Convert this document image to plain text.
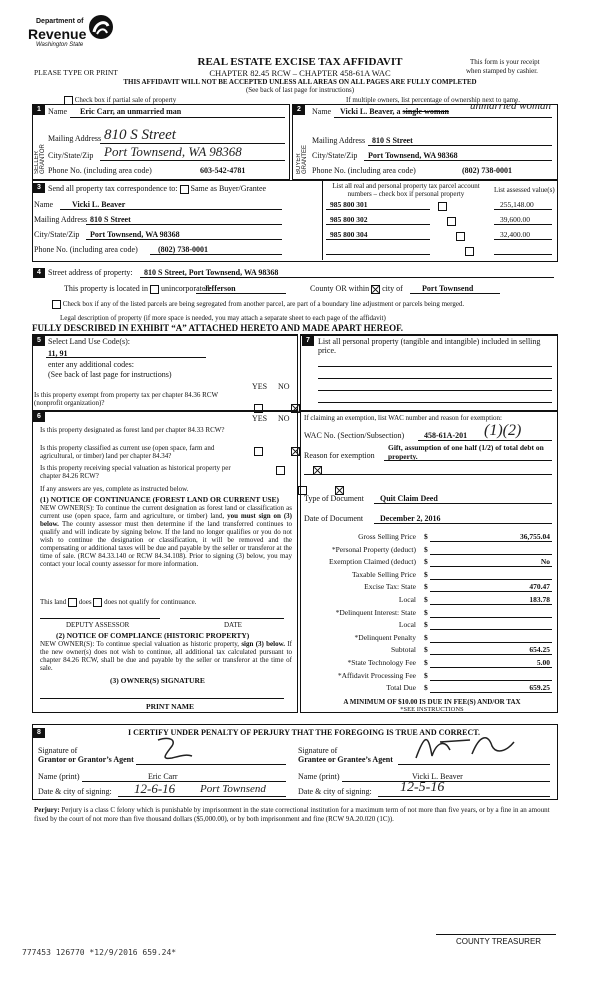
Department of
Revenue
Washington State
REAL ESTATE EXCISE TAX AFFIDAVIT
CHAPTER 82.45 RCW – CHAPTER 458-61A WAC
PLEASE TYPE OR PRINT
This form is your receipt
when stamped by cashier.
THIS AFFIDAVIT WILL NOT BE ACCEPTED UNLESS ALL AREAS ON ALL PAGES ARE FULLY COMPLETED
(See back of last page for instructions)
Check box if partial sale of property	If multiple owners, list percentage of ownership next to name.
1
SELLER GRANTOR
Name Eric Carr, an unmarried man
Mailing Address 810 S Street
City/State/Zip Port Townsend, WA 98368
Phone No. (including area code)	603-542-4781
2
BUYER GRANTEE
Name Vicki L. Beaver, a single woman unmarried woman
Mailing Address 810 S Street
City/State/Zip Port Townsend, WA 98368
Phone No. (including area code)	(802) 738-0001
3 Send all property tax correspondence to: Same as Buyer/Grantee
Name Vicki L. Beaver
Mailing Address 810 S Street
City/State/Zip Port Townsend, WA 98368
Phone No. (including area code)	(802) 738-0001
List all real and personal property tax parcel account numbers – check box if personal property	List assessed value(s)
985 800 301	255,148.00
985 800 302	39,600.00
985 800 304	32,400.00
4 Street address of property: 810 S Street, Port Townsend, WA 98368
This property is located in unincorporated
Jefferson	County OR within city of Port Townsend
Check box if any of the listed parcels are being segregated from another parcel, are part of a boundary line adjustment or parcels being merged.
Legal description of property (if more space is needed, you may attach a separate sheet to each page of the affidavit)
FULLY DESCRIBED IN EXHIBIT “A” ATTACHED HERETO AND MADE APART HEREOF.
5 Select Land Use Code(s):
11, 91
enter any additional codes:
(See back of last page for instructions)
YES NO
Is this property exempt from property tax per chapter 84.36 RCW (nonprofit organization)?

7	List all personal property (tangible and intangible) included in selling price.
6	YES NO
Is this property designated as forest land per chapter 84.33 RCW?

Is this property classified as current use (open space, farm and agricultural, or timber) land per chapter 84.34?

Is this property receiving special valuation as historical property per chapter 84.26 RCW?

If any answers are yes, complete as instructed below.
(1) NOTICE OF CONTINUANCE (FOREST LAND OR CURRENT USE)
NEW OWNER(S): To continue the current designation as forest land or classification as current use (open space, farm and agriculture, or timber) land, you must sign on (3) below. The county assessor must then determine if the land transferred continues to qualify and will indicate by signing below. If the land no longer qualifies or you do not wish to continue the designation or classification, it will be removed and the compensating or additional taxes will be due and payable by the seller or transferor at the time of sale. (RCW 84.33.140 or RCW 84.34.108). Prior to signing (3) below, you may contact your local county assessor for more information.
This land does does not qualify for continuance.
DEPUTY ASSESSOR	DATE
(2) NOTICE OF COMPLIANCE (HISTORIC PROPERTY)
NEW OWNER(S): To continue special valuation as historic property, sign (3) below. If the new owner(s) does not wish to continue, all additional tax calculated pursuant to chapter 84.26 RCW, shall be due and payable by the seller or transferor at the time of sale.
(3) OWNER(S) SIGNATURE
PRINT NAME
If claiming an exemption, list WAC number and reason for exemption:
WAC No. (Section/Subsection) 458-61A-201 (1)(2)
Reason for exemption
Gift, assumption of one half (1/2) of total debt on property.
Type of Document Quit Claim Deed
Date of Document December 2, 2016
Gross Selling Price $	36,755.04
*Personal Property (deduct) $
Exemption Claimed (deduct) $	No
Taxable Selling Price $
Excise Tax: State $	470.47
Local $	183.78
*Delinquent Interest: State $
Local $
*Delinquent Penalty $
Subtotal $	654.25
*State Technology Fee $	5.00
*Affidavit Processing Fee $
Total Due $	659.25
A MINIMUM OF $10.00 IS DUE IN FEE(S) AND/OR TAX
*SEE INSTRUCTIONS
8	I CERTIFY UNDER PENALTY OF PERJURY THAT THE FOREGOING IS TRUE AND CORRECT.
Signature of
Grantor or Grantor’s Agent
Signature of
Grantee or Grantee’s Agent
Name (print)	Eric Carr	Name (print)	Vicki L. Beaver
Date & city of signing: 12-6-16 Port Townsend	Date & city of signing: 12-5-16
Perjury: Perjury is a class C felony which is punishable by imprisonment in the state correctional institution for a maximum term of not more than five years, or by a fine in an amount fixed by the court of not more than five thousand dollars ($5,000.00), or by both imprisonment and fine (RCW 9A.20.020 (1C)).
COUNTY TREASURER
777453 126770 *12/9/2016 659.24*
